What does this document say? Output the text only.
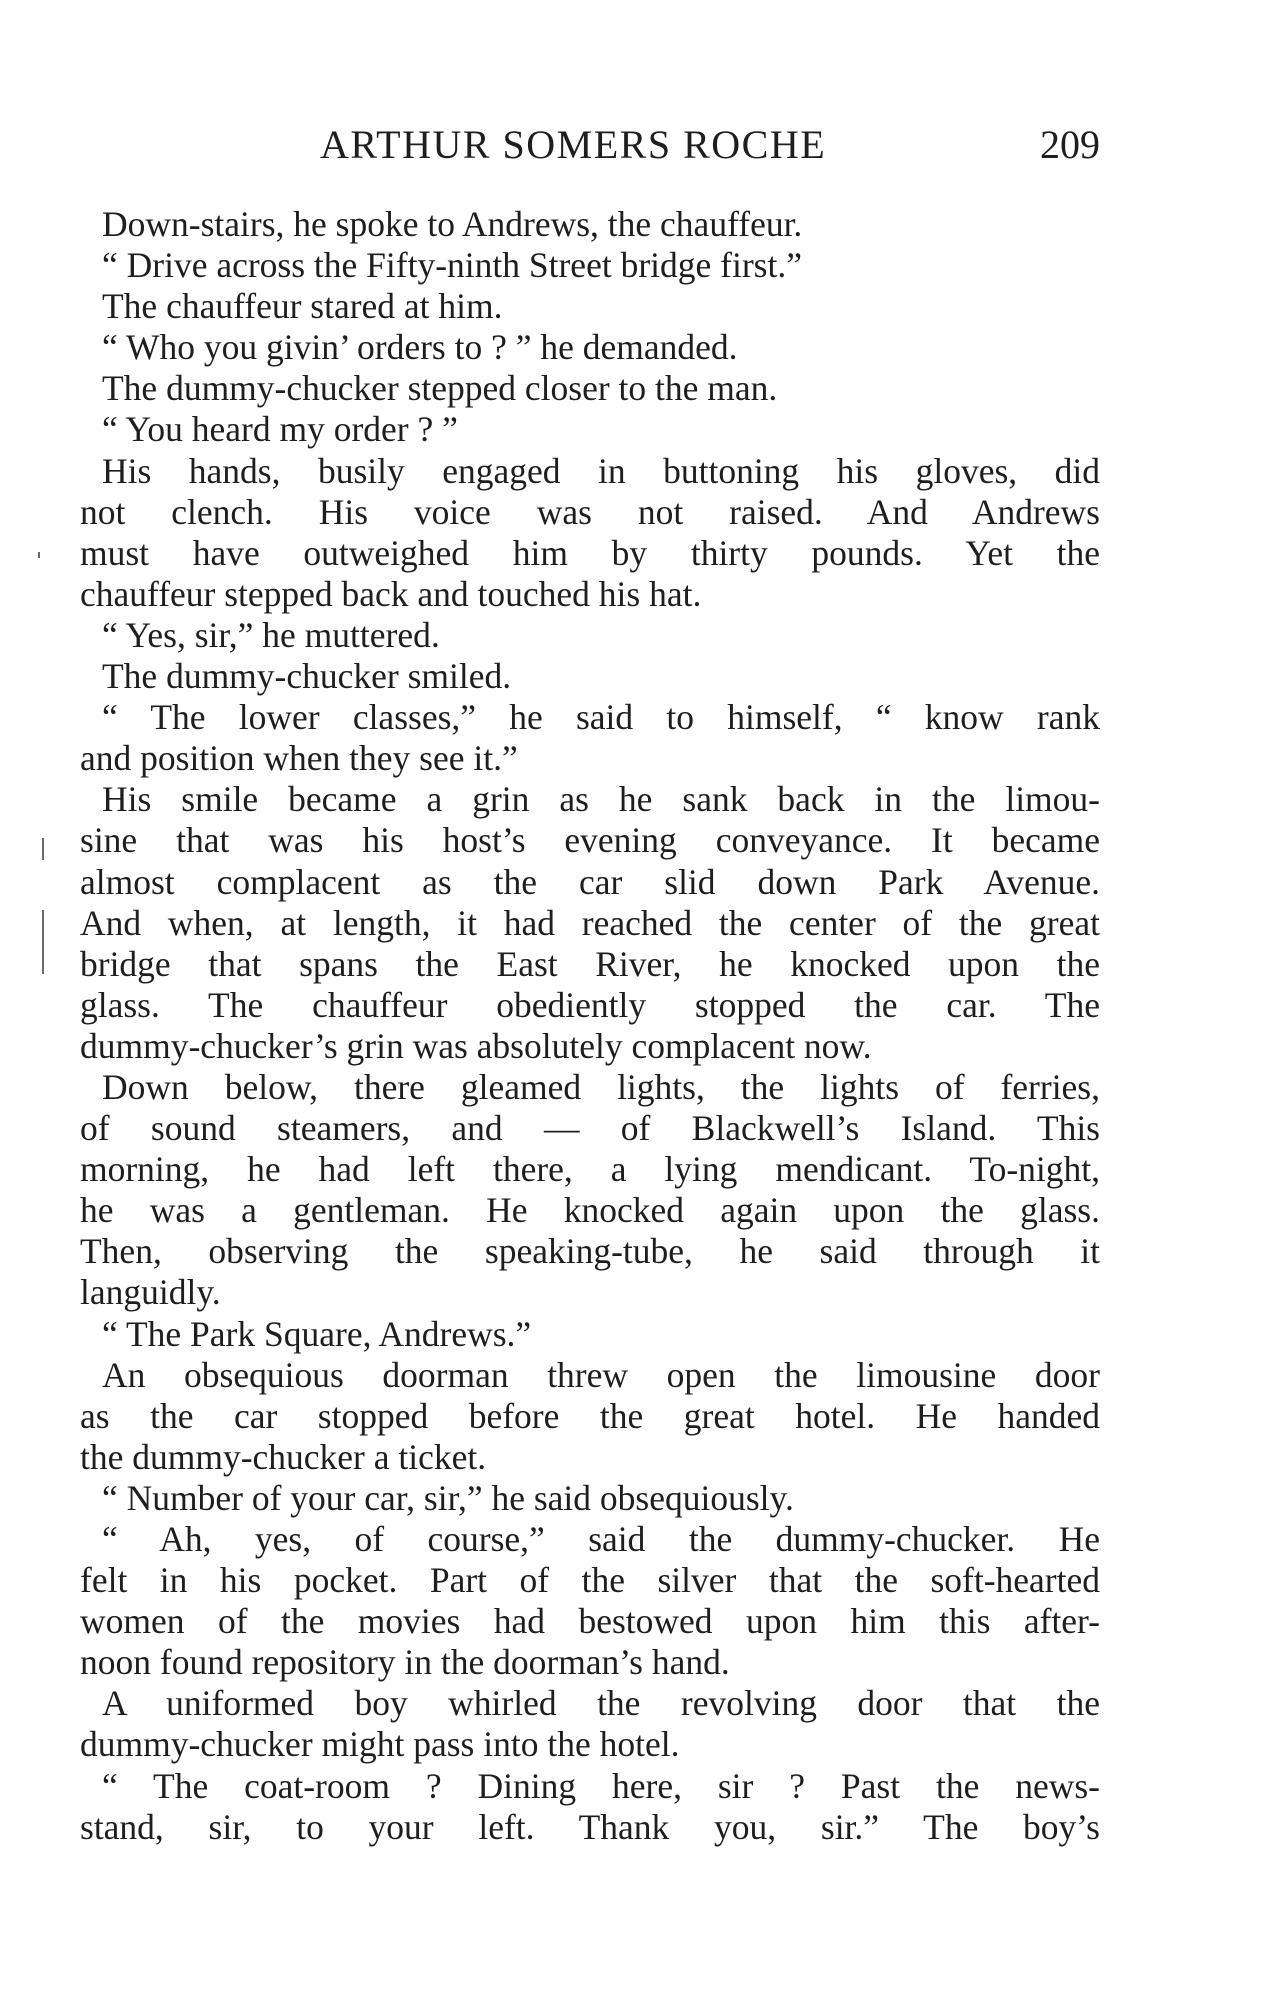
ARTHUR SOMERS ROCHE	209
Down-stairs, he spoke to Andrews, the chauffeur.
“ Drive across the Fifty-ninth Street bridge first.”
The chauffeur stared at him.
“ Who you givin’ orders to ? ” he demanded.
The dummy-chucker stepped closer to the man.
“ You heard my order ? ”
His hands, busily engaged in buttoning his gloves, did
not clench. His voice was not raised. And Andrews
must have outweighed him by thirty pounds. Yet the
chauffeur stepped back and touched his hat.
“ Yes, sir,” he muttered.
The dummy-chucker smiled.
“ The lower classes,” he said to himself, “ know rank
and position when they see it.”
His smile became a grin as he sank back in the limou-
sine that was his host’s evening conveyance. It became
almost complacent as the car slid down Park Avenue.
And when, at length, it had reached the center of the great
bridge that spans the East River, he knocked upon the
glass. The chauffeur obediently stopped the car. The
dummy-chucker’s grin was absolutely complacent now.
Down below, there gleamed lights, the lights of ferries,
of sound steamers, and — of Blackwell’s Island. This
morning, he had left there, a lying mendicant. To-night,
he was a gentleman. He knocked again upon the glass.
Then, observing the speaking-tube, he said through it
languidly.
“ The Park Square, Andrews.”
An obsequious doorman threw open the limousine door
as the car stopped before the great hotel. He handed
the dummy-chucker a ticket.
“ Number of your car, sir,” he said obsequiously.
“ Ah, yes, of course,” said the dummy-chucker. He
felt in his pocket. Part of the silver that the soft-hearted
women of the movies had bestowed upon him this after-
noon found repository in the doorman’s hand.
A uniformed boy whirled the revolving door that the
dummy-chucker might pass into the hotel.
“ The coat-room ? Dining here, sir ? Past the news-
stand, sir, to your left. Thank you, sir.” The boy’s
